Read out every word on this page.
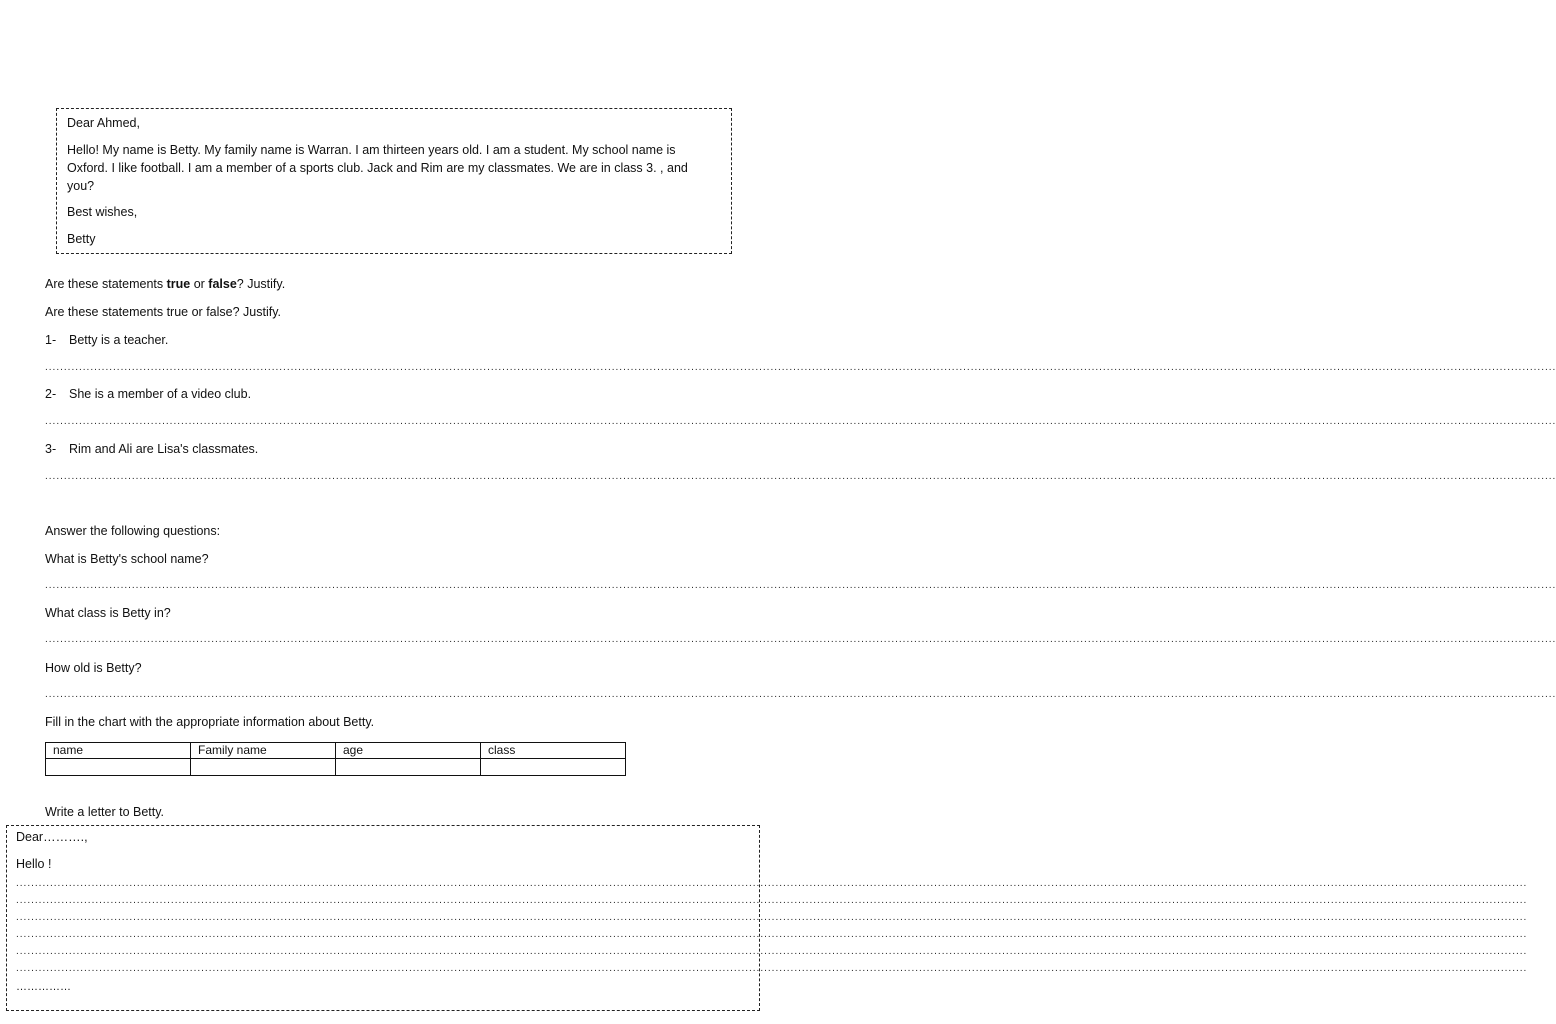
Dear Ahmed,
Hello! My name is Betty. My family name is Warran. I am thirteen years old. I am a student. My school name is Oxford. I like football. I am a member of a sports club. Jack and Rim are my classmates. We are in class 3. , and you?
Best wishes,
Betty
Are these statements true or false? Justify.
Are these statements true or false? Justify.
1- Betty is a teacher.
................................................................................................................................................................................................................................................................................................................................................................................................................
2- She is a member of a video club.
................................................................................................................................................................................................................................................................................................................................................................................................................
3- Rim and Ali are Lisa's classmates.
................................................................................................................................................................................................................................................................................................................................................................................................................
Answer the following questions:
What is Betty's school name?
................................................................................................................................................................................................................................................................................................................................................................................................................
What class is Betty in?
................................................................................................................................................................................................................................................................................................................................................................................................................
How old is Betty?
................................................................................................................................................................................................................................................................................................................................................................................................................
Fill in the chart with the appropriate information about Betty.
name	Family name	age	class

Write a letter to Betty.
Dear……….,
Hello !
................................................................................................................................................................................................................................................................................................................................................................................................................
................................................................................................................................................................................................................................................................................................................................................................................................................
................................................................................................................................................................................................................................................................................................................................................................................................................
................................................................................................................................................................................................................................................................................................................................................................................................................
................................................................................................................................................................................................................................................................................................................................................................................................................
................................................................................................................................................................................................................................................................................................................................................................................................................
……………
